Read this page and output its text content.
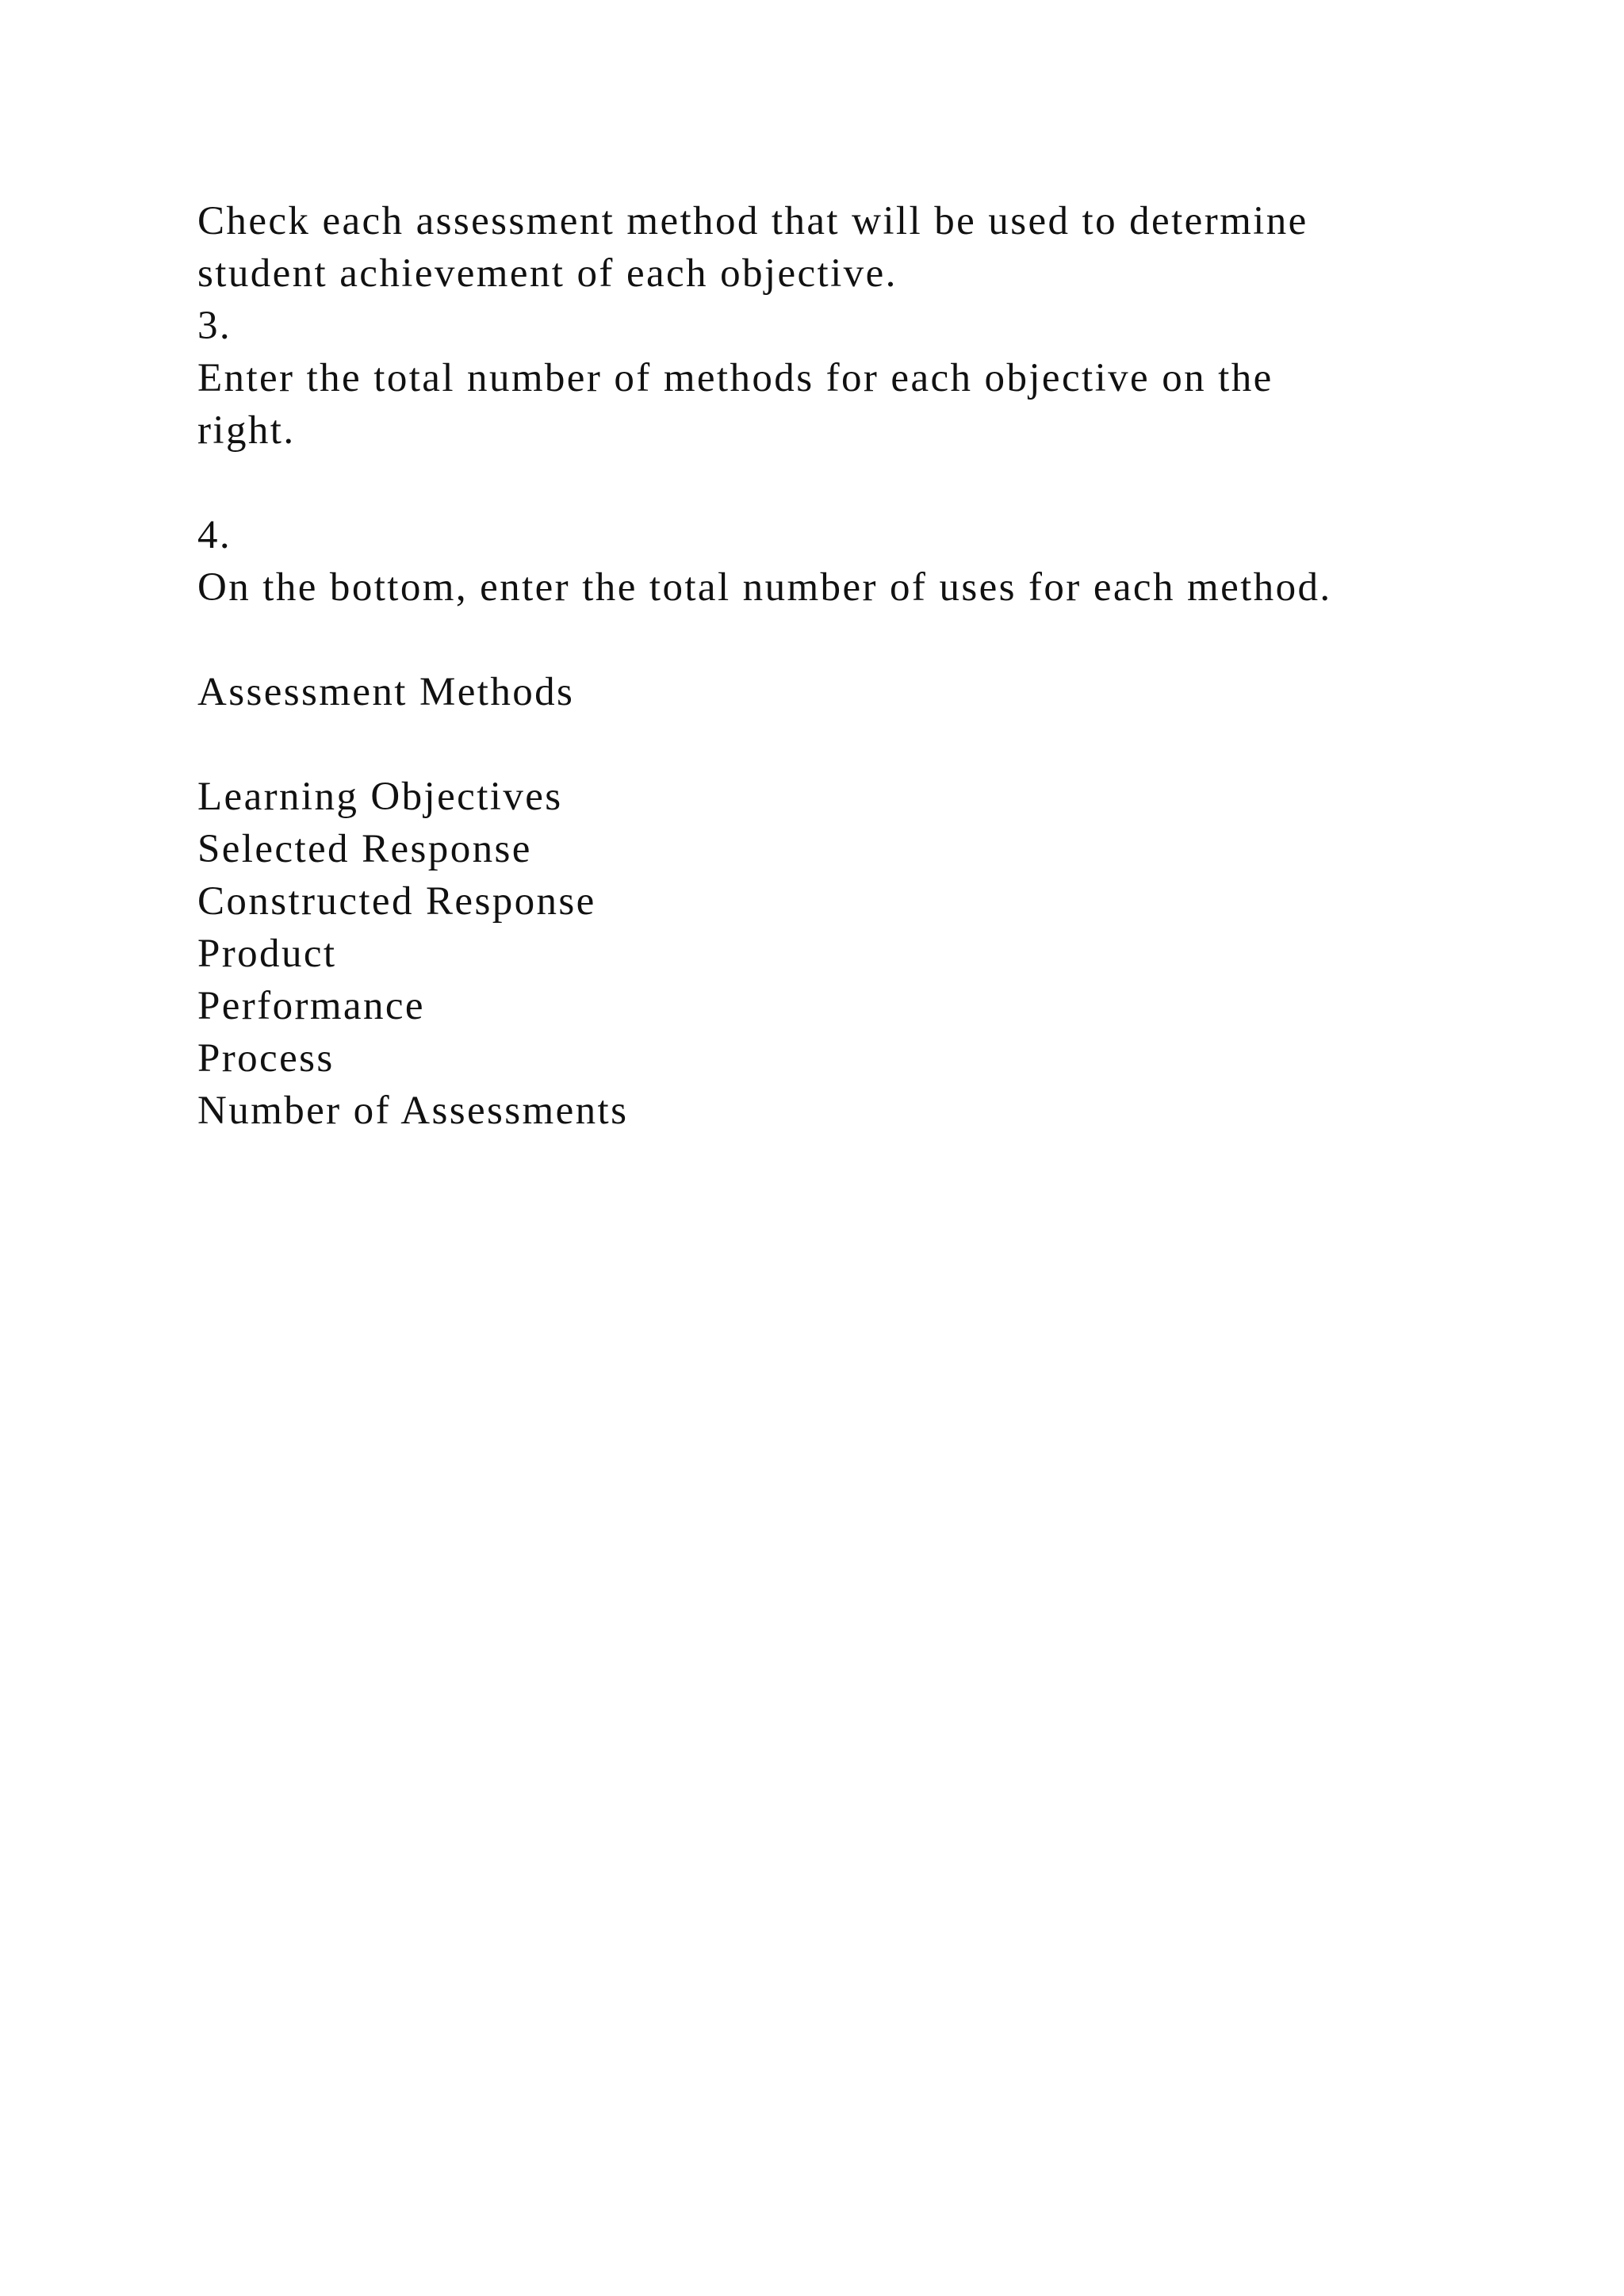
Check each assessment method that will be used to determine
student achievement of each objective.
3.
Enter the total number of methods for each objective on the
right.
4.
On the bottom, enter the total number of uses for each method.
Assessment Methods
Learning Objectives
Selected Response
Constructed Response
Product
Performance
Process
Number of Assessments
